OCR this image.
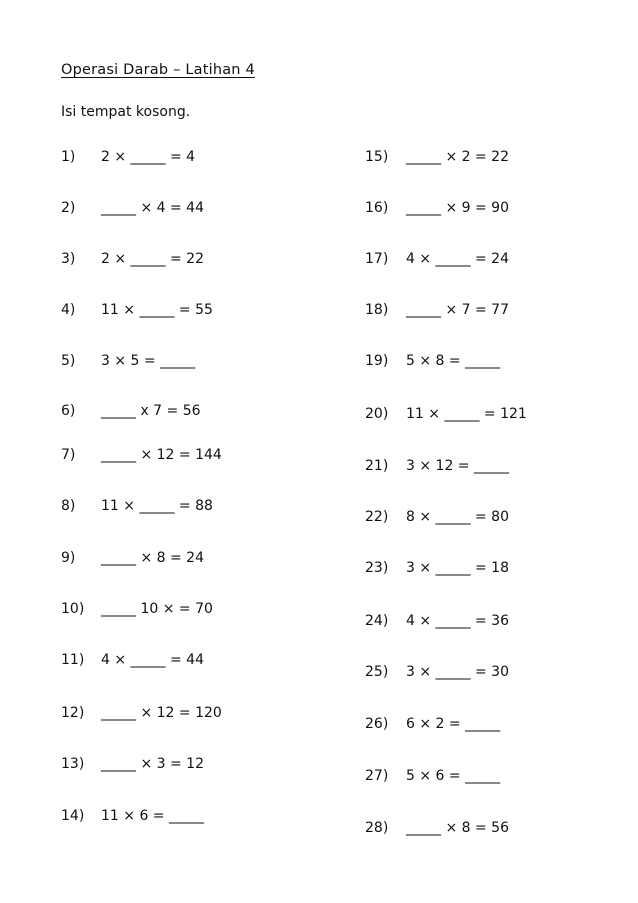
Operasi Darab – Latihan 4
Isi tempat kosong.

1)

2 × _____ = 4

2)

_____ × 4 = 44

3)

2 × _____ = 22

4)

11 × _____ = 55

5)

3 × 5 = _____

6)

_____ x 7 = 56

7)

_____ × 12 = 144

8)

11 × _____ = 88

9)

_____ × 8 = 24

10)

_____ 10 × = 70

11)

4 × _____ = 44

12)

_____ × 12 = 120

13)

_____ × 3 = 12

14)

11 × 6 = _____

15)

_____ × 2 = 22

16)

_____ × 9 = 90

17)

4 × _____ = 24

18)

_____ × 7 = 77

19)

5 × 8 = _____

20)

11 × _____ = 121

21)

3 × 12 = _____

22)

8 × _____ = 80

23)

3 × _____ = 18

24)

4 × _____ = 36

25)

3 × _____ = 30

26)

6 × 2 = _____

27)

5 × 6 = _____

28)

_____ × 8 = 56
